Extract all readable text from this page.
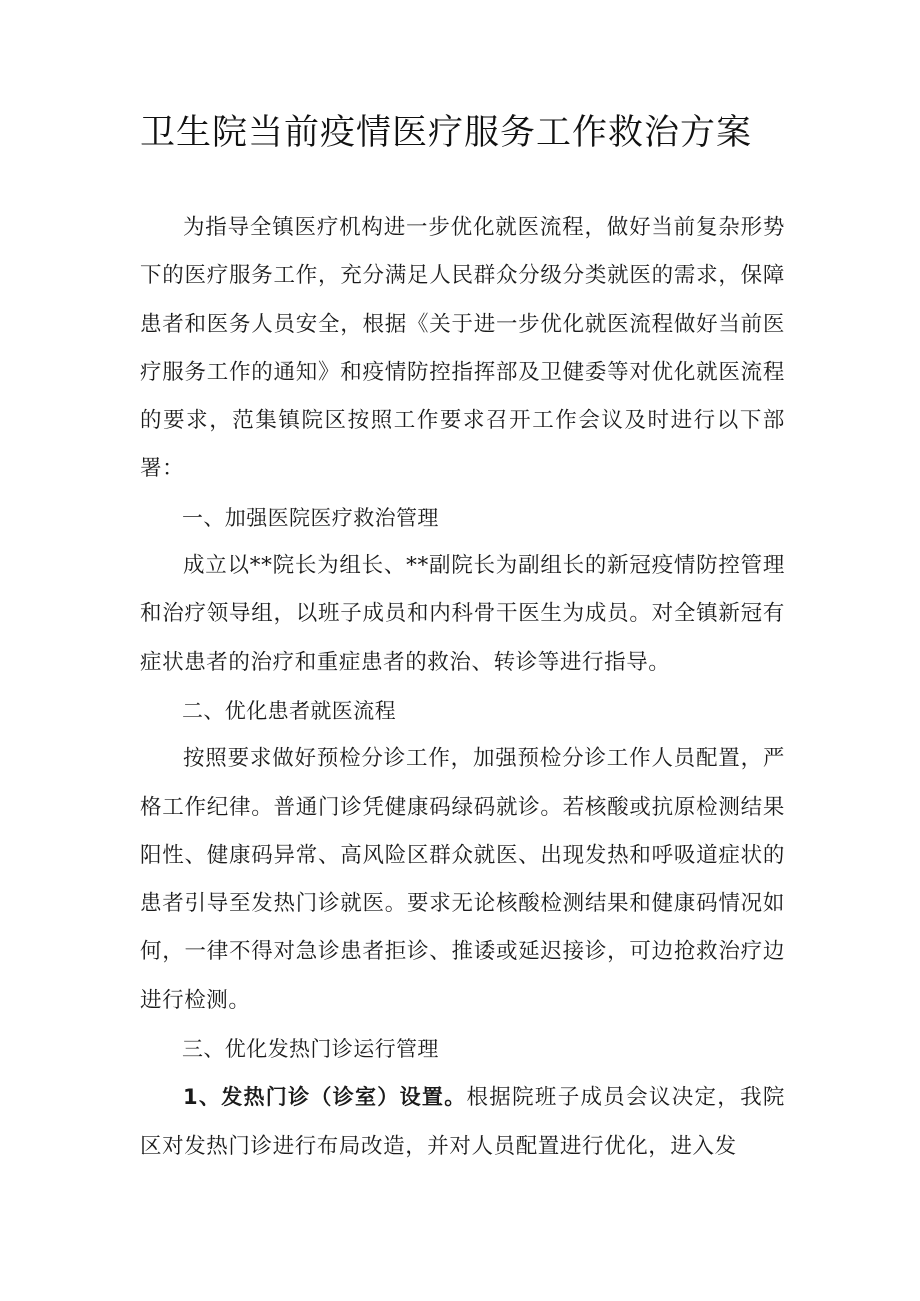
卫生院当前疫情医疗服务工作救治方案

为指导全镇医疗机构进一步优化就医流程，做好当前复杂形势下的医疗服务工作，充分满足人民群众分级分类就医的需求，保障患者和医务人员安全，根据《关于进一步优化就医流程做好当前医疗服务工作的通知》和疫情防控指挥部及卫健委等对优化就医流程的要求，范集镇院区按照工作要求召开工作会议及时进行以下部署：

一、加强医院医疗救治管理

成立以**院长为组长、**副院长为副组长的新冠疫情防控管理和治疗领导组，以班子成员和内科骨干医生为成员。对全镇新冠有症状患者的治疗和重症患者的救治、转诊等进行指导。

二、优化患者就医流程

按照要求做好预检分诊工作，加强预检分诊工作人员配置，严格工作纪律。普通门诊凭健康码绿码就诊。若核酸或抗原检测结果阳性、健康码异常、高风险区群众就医、出现发热和呼吸道症状的患者引导至发热门诊就医。要求无论核酸检测结果和健康码情况如何，一律不得对急诊患者拒诊、推诿或延迟接诊，可边抢救治疗边进行检测。

三、优化发热门诊运行管理

1、发热门诊（诊室）设置。根据院班子成员会议决定，我院区对发热门诊进行布局改造，并对人员配置进行优化，进入发
